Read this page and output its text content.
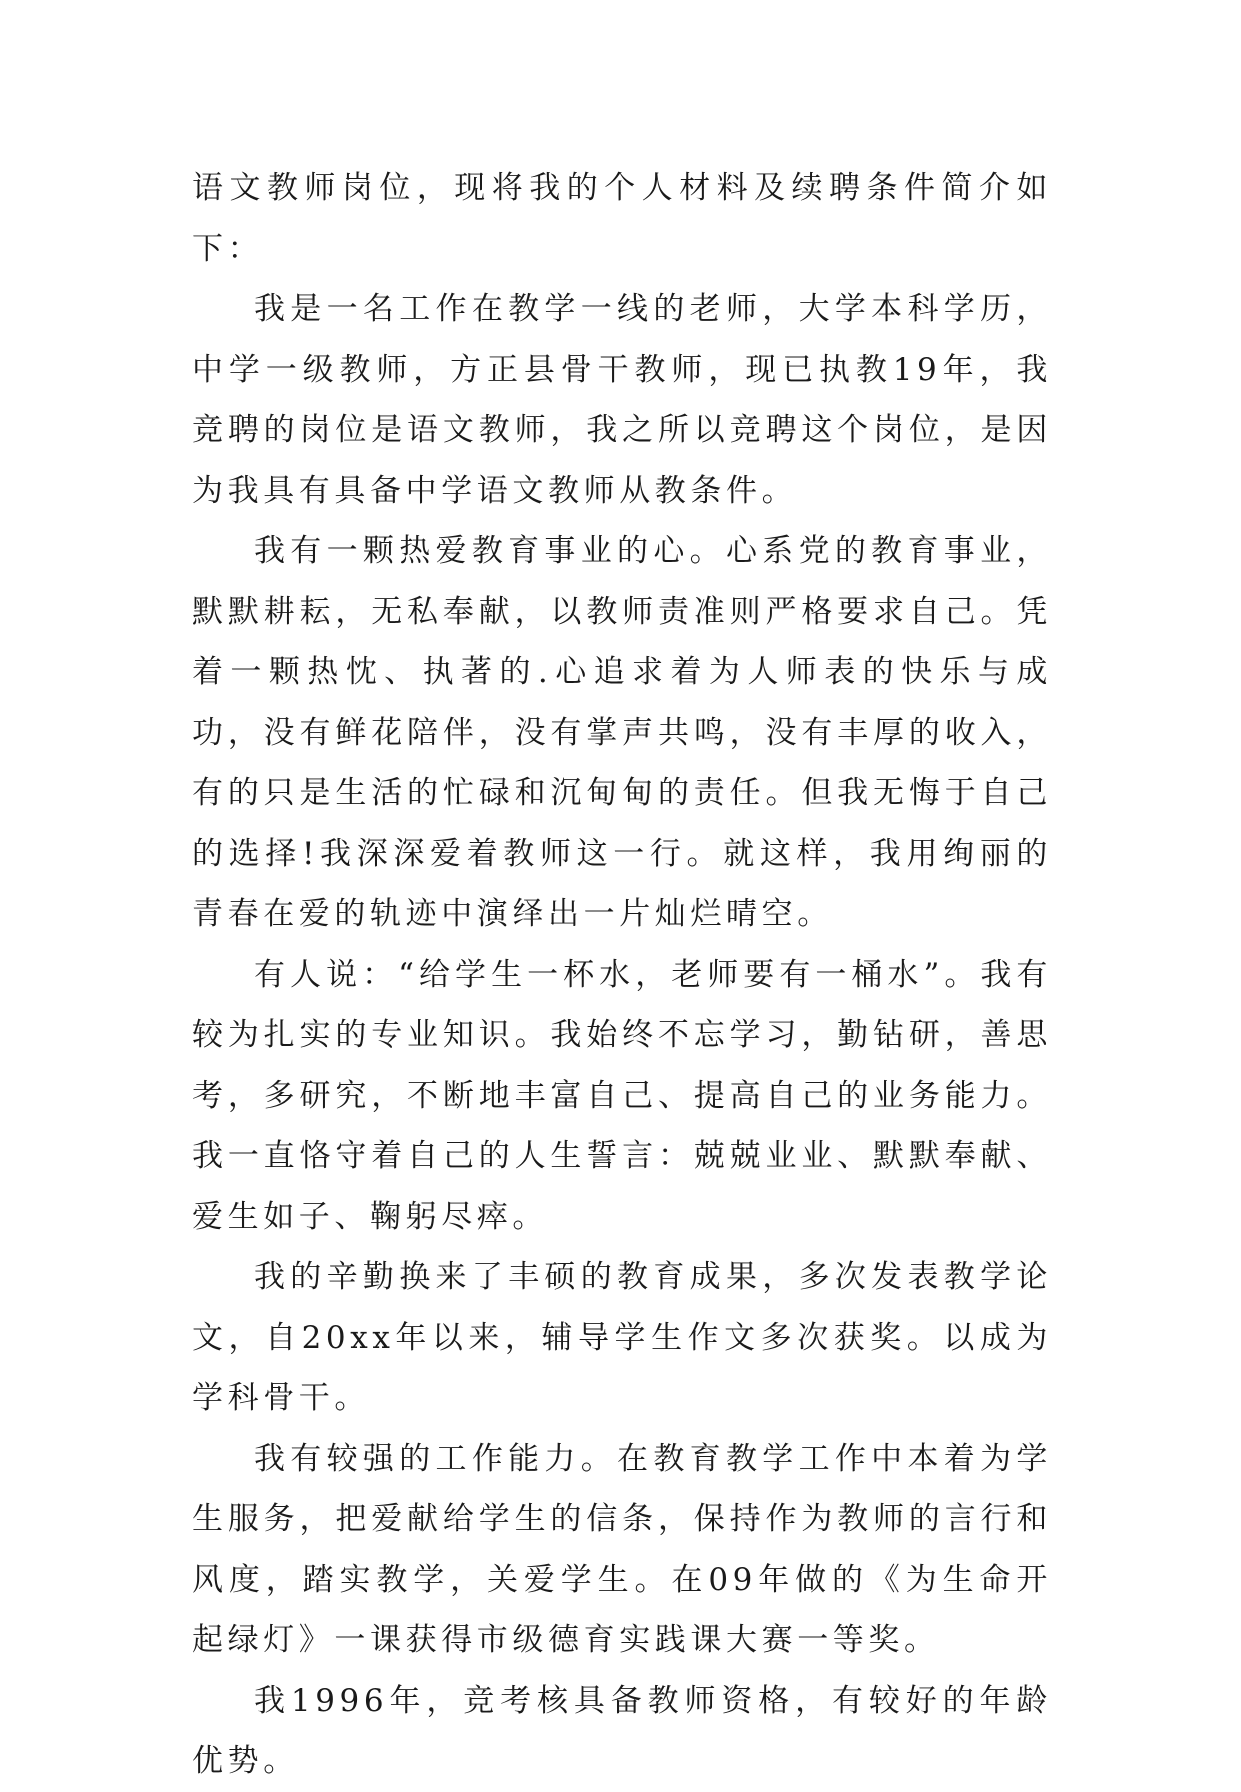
语文教师岗位，现将我的个人材料及续聘条件简介如下：

我是一名工作在教学一线的老师，大学本科学历，中学一级教师，方正县骨干教师，现已执教19年，我竞聘的岗位是语文教师，我之所以竞聘这个岗位，是因为我具有具备中学语文教师从教条件。

我有一颗热爱教育事业的心。心系党的教育事业，默默耕耘，无私奉献，以教师责准则严格要求自己。凭着一颗热忱、执著的.心追求着为人师表的快乐与成功，没有鲜花陪伴，没有掌声共鸣，没有丰厚的收入，有的只是生活的忙碌和沉甸甸的责任。但我无悔于自己的选择!我深深爱着教师这一行。就这样，我用绚丽的青春在爱的轨迹中演绎出一片灿烂晴空。

有人说：“给学生一杯水，老师要有一桶水”。我有较为扎实的专业知识。我始终不忘学习，勤钻研，善思考，多研究，不断地丰富自己、提高自己的业务能力。我一直恪守着自己的人生誓言：兢兢业业、默默奉献、爱生如子、鞠躬尽瘁。

我的辛勤换来了丰硕的教育成果，多次发表教学论文，自20xx年以来，辅导学生作文多次获奖。以成为学科骨干。

我有较强的工作能力。在教育教学工作中本着为学生服务，把爱献给学生的信条，保持作为教师的言行和风度，踏实教学，关爱学生。在09年做的《为生命开起绿灯》一课获得市级德育实践课大赛一等奖。

我1996年，竞考核具备教师资格，有较好的年龄优势。
